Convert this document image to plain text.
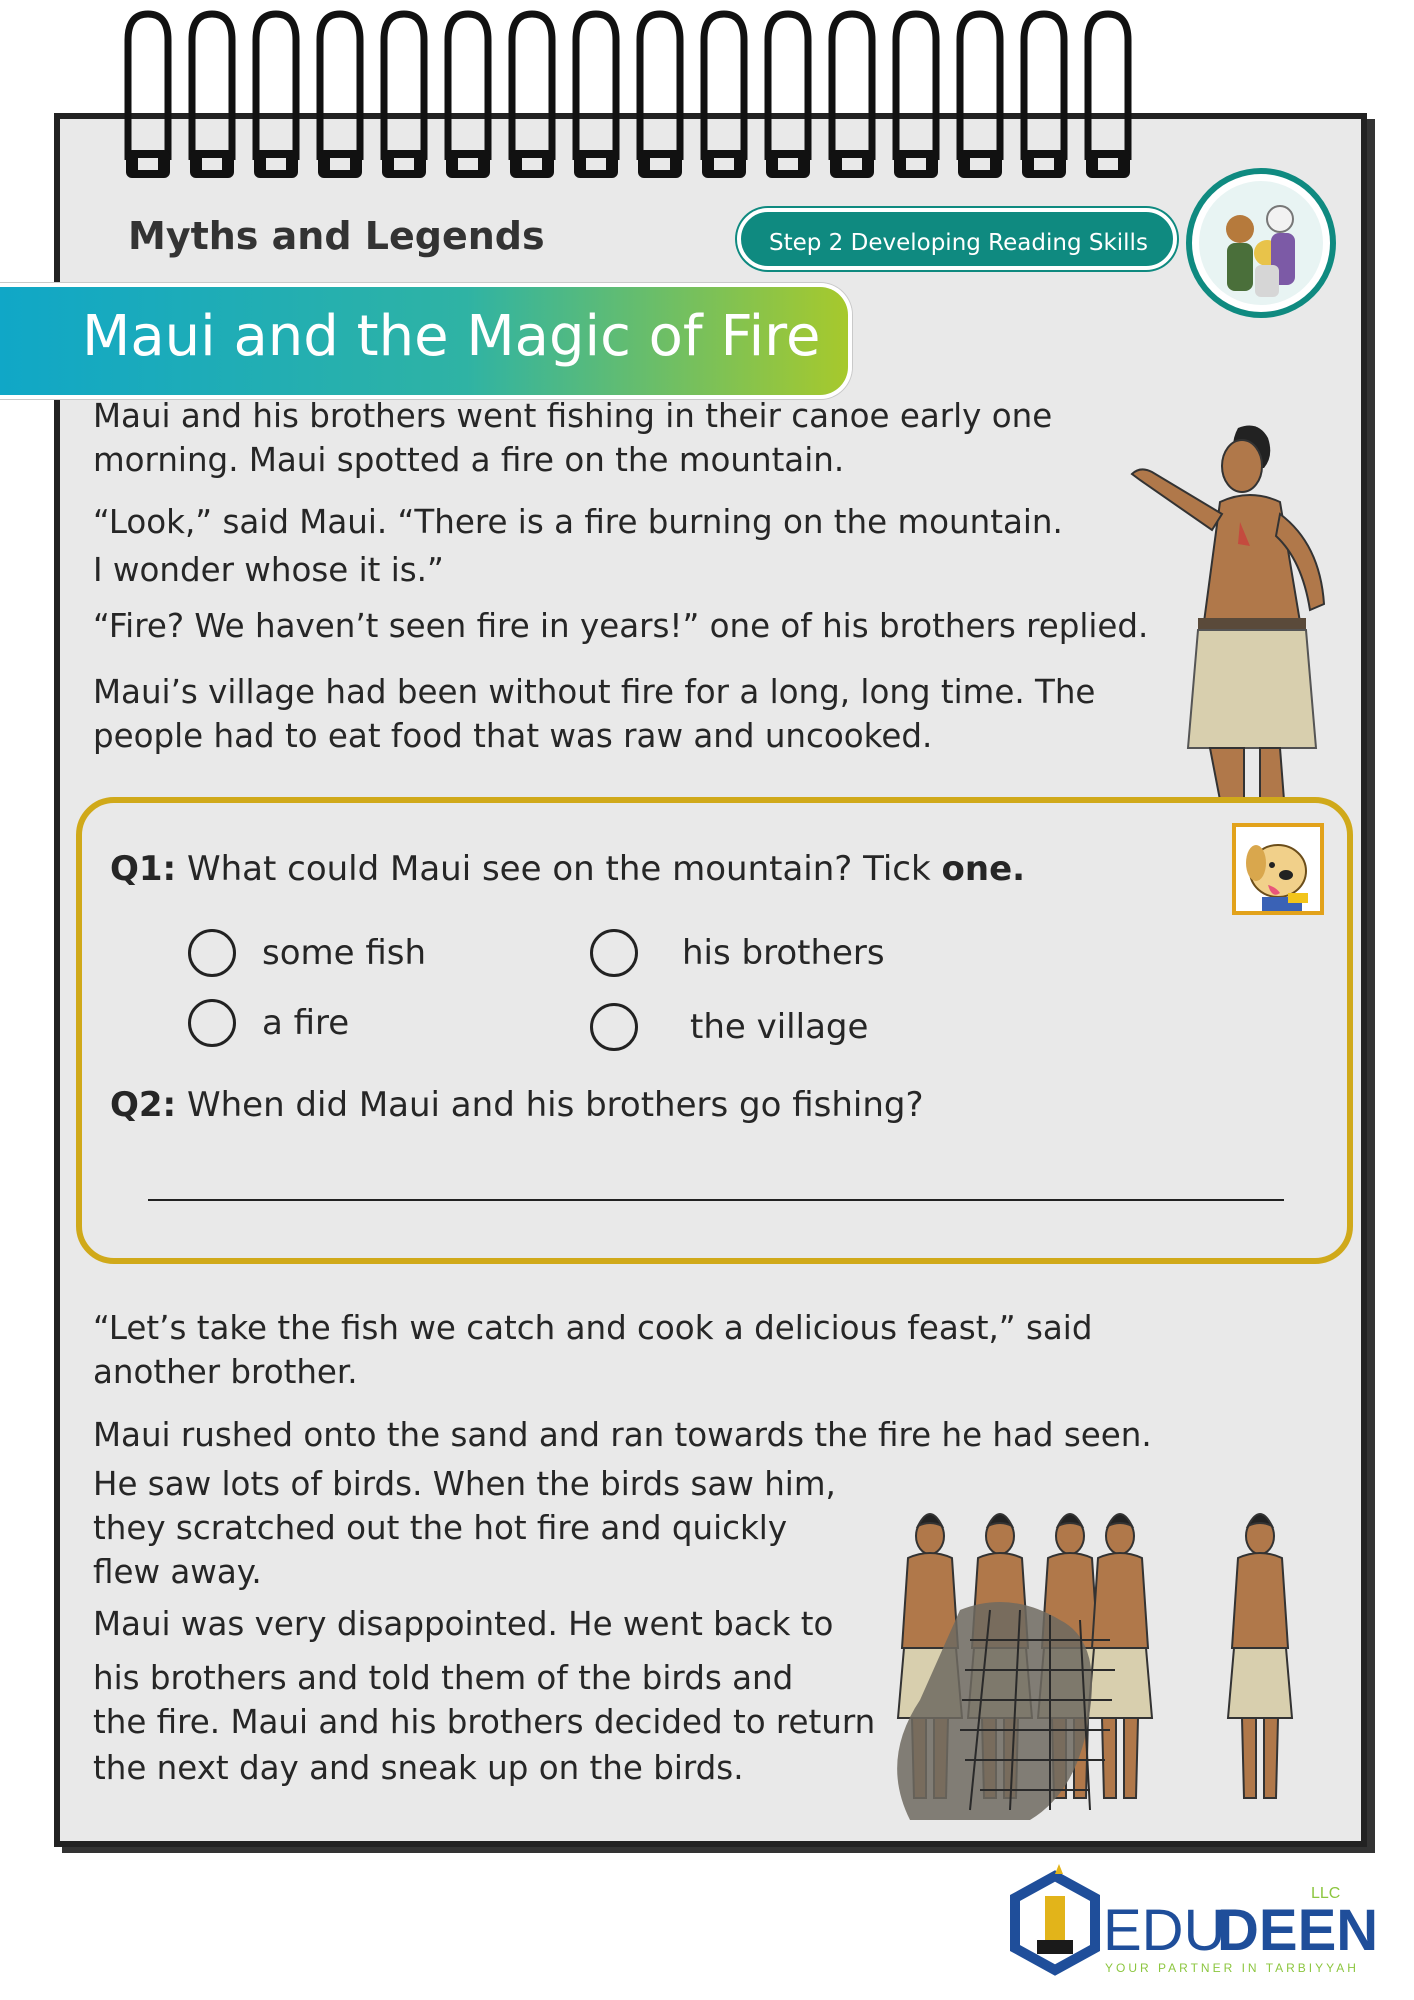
Myths and Legends	Step 2 Developing Reading Skills
Maui and the Magic of Fire

Maui and his brothers went fishing in their canoe early one

morning. Maui spotted a fire on the mountain.

“Look,” said Maui. “There is a fire burning on the mountain.

I wonder whose it is.”

“Fire? We haven’t seen fire in years!” one of his brothers replied.

Maui’s village had been without fire for a long, long time. The

people had to eat food that was raw and uncooked.

Q1: What could Maui see on the mountain? Tick one.
some fish	his brothers
a fire	the village
Q2: When did Maui and his brothers go fishing?

“Let’s take the fish we catch and cook a delicious feast,” said

another brother.

Maui rushed onto the sand and ran towards the fire he had seen.

He saw lots of birds. When the birds saw him,

they scratched out the hot fire and quickly

flew away.

Maui was very disappointed. He went back to

his brothers and told them of the birds and

the fire. Maui and his brothers decided to return

the next day and sneak up on the birds.

EDU
DEEN
LLC
YOUR PARTNER IN TARBIYYAH
